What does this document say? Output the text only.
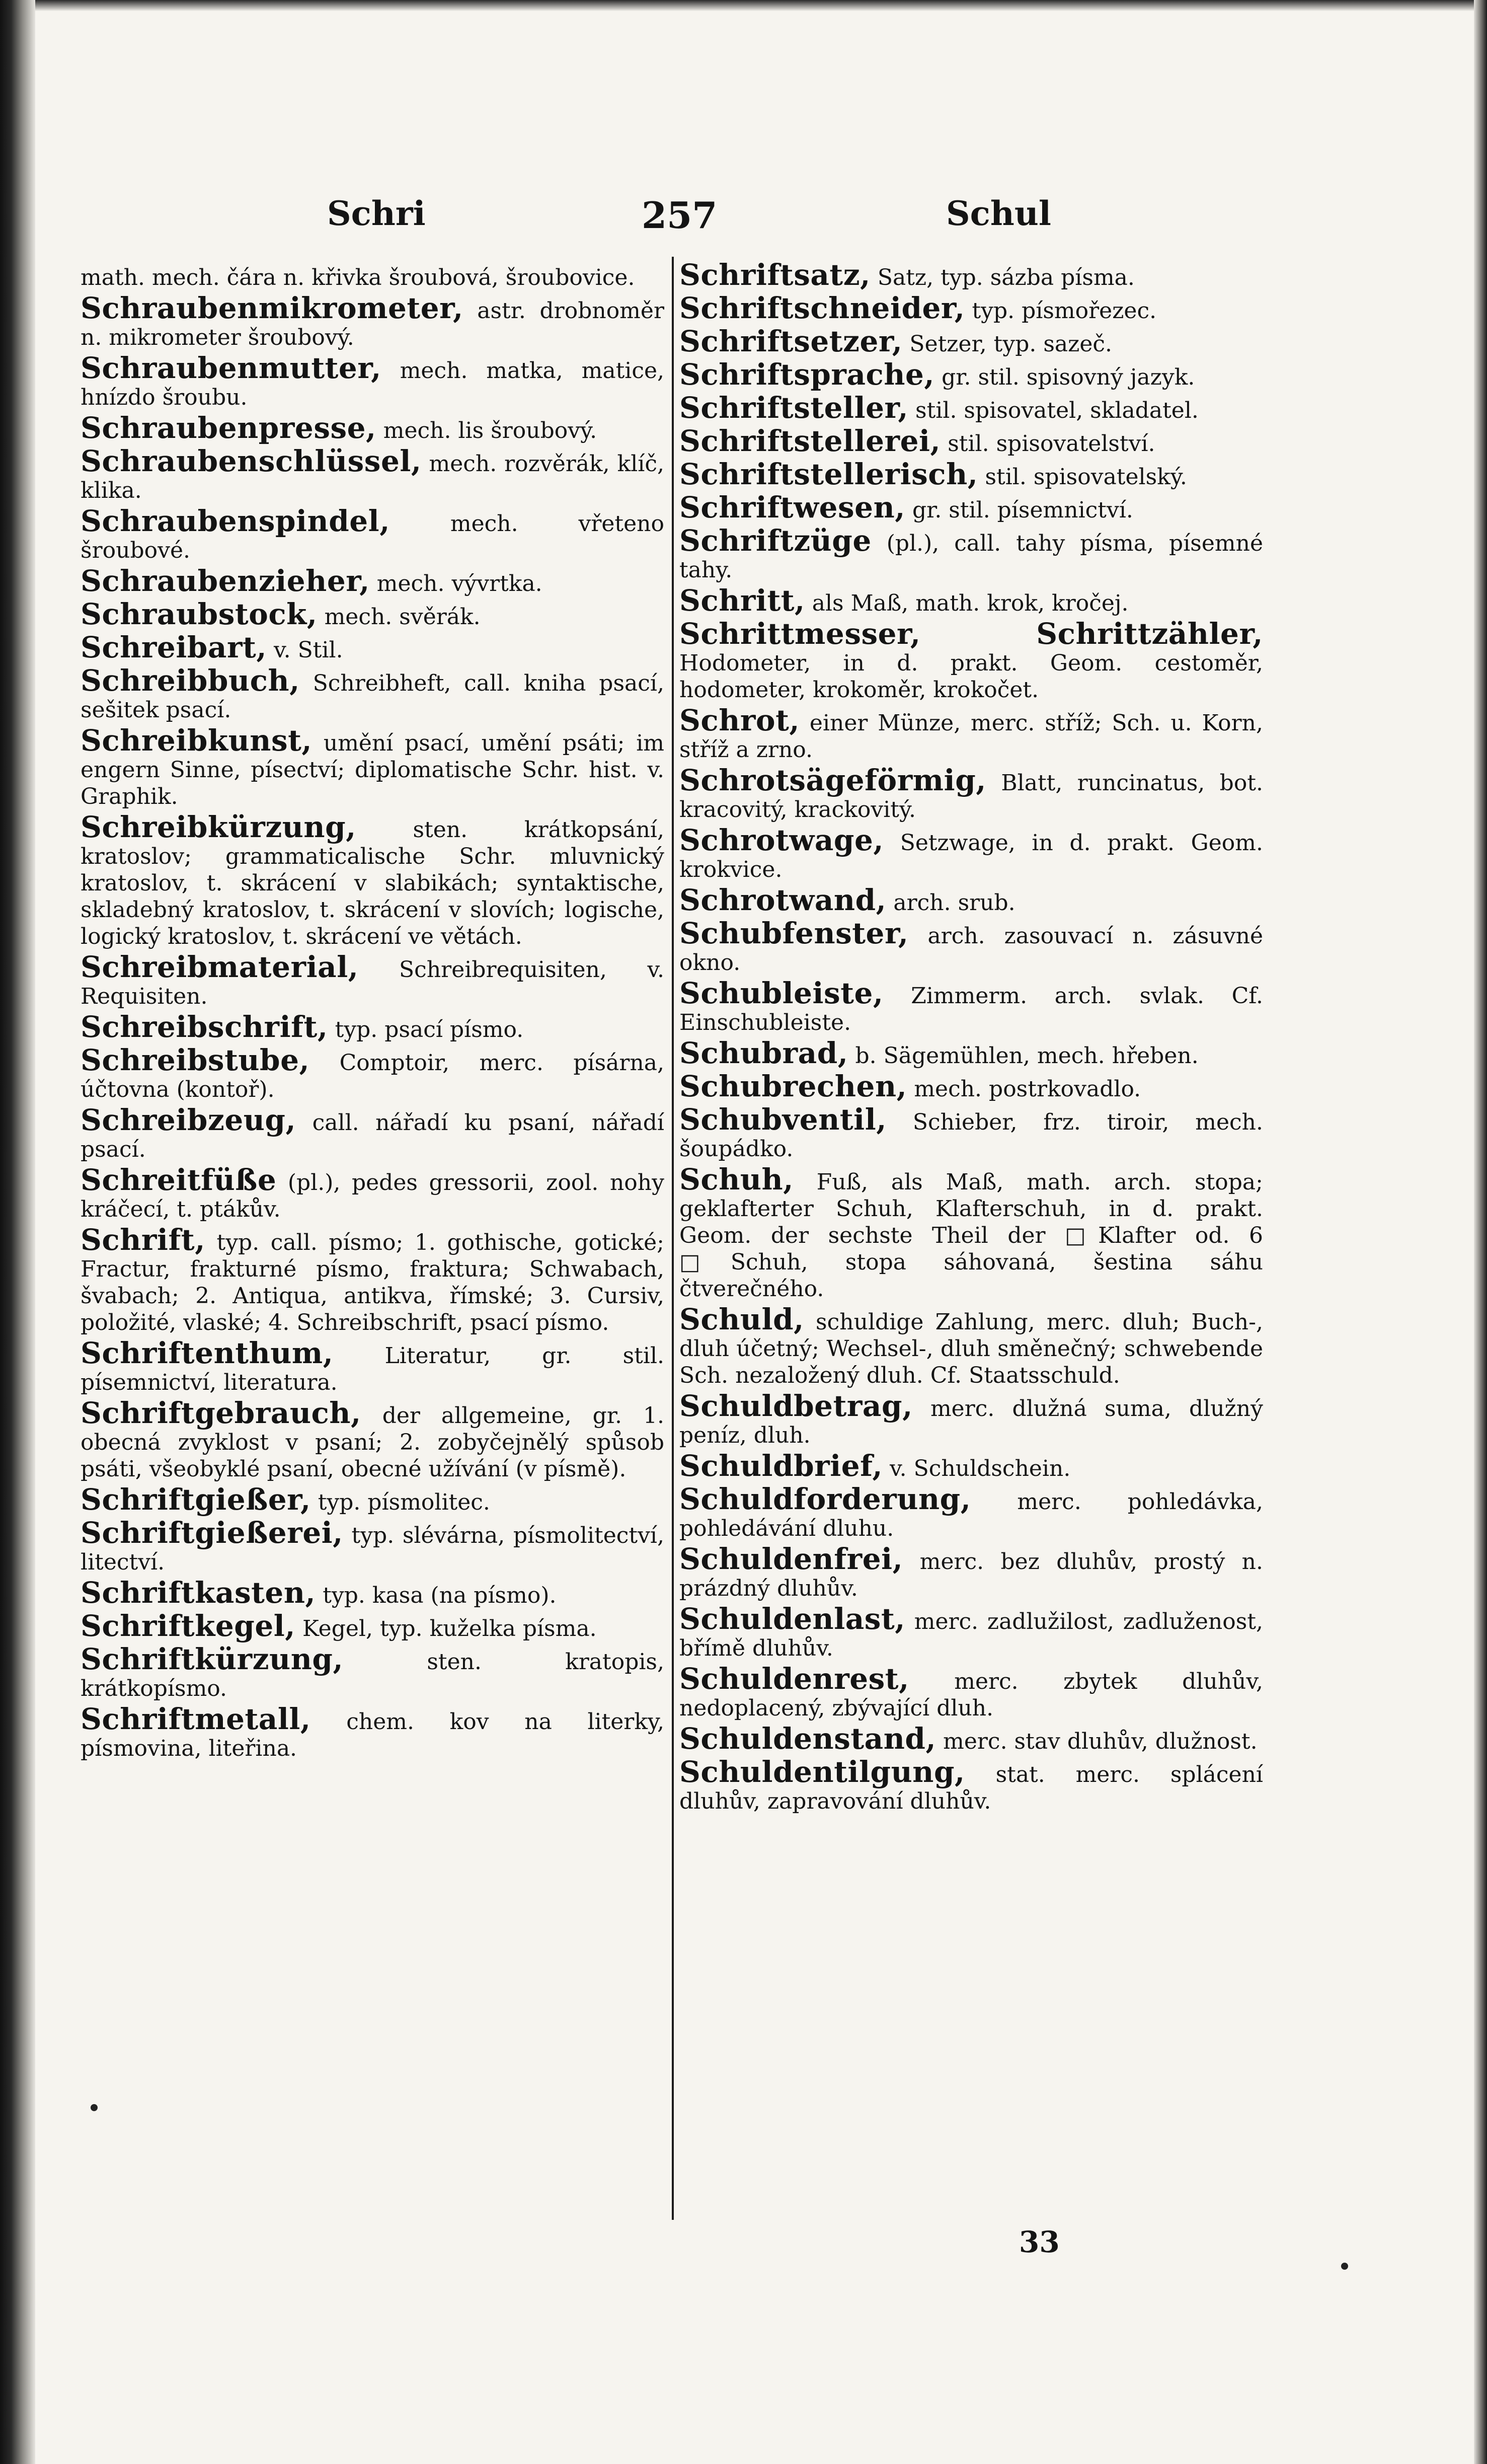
Schri	257	Schul

math. mech. čára n. křivka šroubová, šroubovice.

Schraubenmikrometer, astr. drobnoměr n. mikrometer šroubový.

Schraubenmutter, mech. matka, matice, hnízdo šroubu.

Schraubenpresse, mech. lis šroubový.

Schraubenschlüssel, mech. rozvěrák, klíč, klika.

Schraubenspindel,	mech. vřeteno šroubové.

Schraubenzieher, mech. vývrtka.

Schraubstock, mech. svěrák.

Schreibart, v. Stil.

Schreibbuch, Schreibheft, call. kniha psací, sešitek psací.

Schreibkunst, umění psací, umění psáti; im engern Sinne, písectví; diplomatische Schr. hist. v. Graphik.

Schreibkürzung,	sten. krátkopsání, kratoslov; grammaticalische Schr. mluvnický kratoslov, t. skrácení v slabikách; syntaktische, skladebný kratoslov, t. skrácení v slovích; logische, logický kratoslov, t. skrácení ve větách.

Schreibmaterial, Schreibrequisiten, v. Requisiten.

Schreibschrift, typ. psací písmo.

Schreibstube, Comptoir, merc. písárna, účtovna (kontoř).

Schreibzeug, call. nářadí ku psaní, nářadí psací.

Schreitfüße (pl.), pedes gressorii, zool. nohy kráčecí, t. ptákův.

Schrift, typ. call. písmo; 1. gothische, gotické; Fractur, frakturné písmo, fraktura; Schwabach, švabach; 2. Antiqua, antikva, římské; 3. Cursiv, položité, vlaské; 4. Schreibschrift, psací písmo.

Schriftenthum, Literatur, gr. stil. písemnictví, literatura.

Schriftgebrauch, der allgemeine, gr. 1. obecná zvyklost v psaní; 2. zobyčejnělý spůsob psáti, všeobyklé psaní, obecné užívání (v písmě).

Schriftgießer, typ. písmolitec.

Schriftgießerei, typ. slévárna, písmolitectví, litectví.

Schriftkasten, typ. kasa (na písmo).

Schriftkegel, Kegel, typ. kuželka písma.

Schriftkürzung,	sten. kratopis, krátkopísmo.

Schriftmetall, chem. kov na literky, písmovina, liteřina.

Schriftsatz, Satz, typ. sázba písma.

Schriftschneider, typ. písmořezec.

Schriftsetzer, Setzer, typ. sazeč.

Schriftsprache, gr. stil. spisovný jazyk.

Schriftsteller, stil. spisovatel, skladatel.

Schriftstellerei, stil. spisovatelství.

Schriftstellerisch, stil. spisovatelský.

Schriftwesen, gr. stil. písemnictví.

Schriftzüge (pl.), call. tahy písma, písemné tahy.

Schritt, als Maß, math. krok, kročej.

Schrittmesser, Schrittzähler, Hodometer, in d. prakt. Geom. cestoměr, hodometer, krokoměr, krokočet.

Schrot, einer Münze, merc. stříž; Sch. u. Korn, stříž a zrno.

Schrotsägeförmig, Blatt, runcinatus, bot. kracovitý, krackovitý.

Schrotwage, Setzwage, in d. prakt. Geom. krokvice.

Schrotwand, arch. srub.

Schubfenster, arch. zasouvací n. zásuvné okno.

Schubleiste, Zimmerm. arch. svlak. Cf. Einschubleiste.

Schubrad, b. Sägemühlen, mech. hřeben.

Schubrechen, mech. postrkovadlo.

Schubventil, Schieber, frz. tiroir, mech. šoupádko.

Schuh, Fuß, als Maß, math. arch. stopa; geklafterter Schuh, Klafterschuh, in d. prakt. Geom. der sechste Theil der □Klafter od. 6 □Schuh, stopa sáhovaná, šestina sáhu čtverečného.

Schuld, schuldige Zahlung, merc. dluh; Buch-, dluh účetný; Wechsel-, dluh směnečný; schwebende Sch. nezaložený dluh. Cf. Staatsschuld.

Schuldbetrag, merc. dlužná suma, dlužný peníz, dluh.

Schuldbrief, v. Schuldschein.

Schuldforderung, merc. pohledávka, pohledávání dluhu.

Schuldenfrei, merc. bez dluhův, prostý n. prázdný dluhův.

Schuldenlast, merc. zadlužilost, zadluženost, břímě dluhův.

Schuldenrest, merc. zbytek dluhův, nedoplacený, zbývající dluh.

Schuldenstand, merc. stav dluhův, dlužnost.

Schuldentilgung, stat. merc. splácení dluhův, zapravování dluhův.

33
